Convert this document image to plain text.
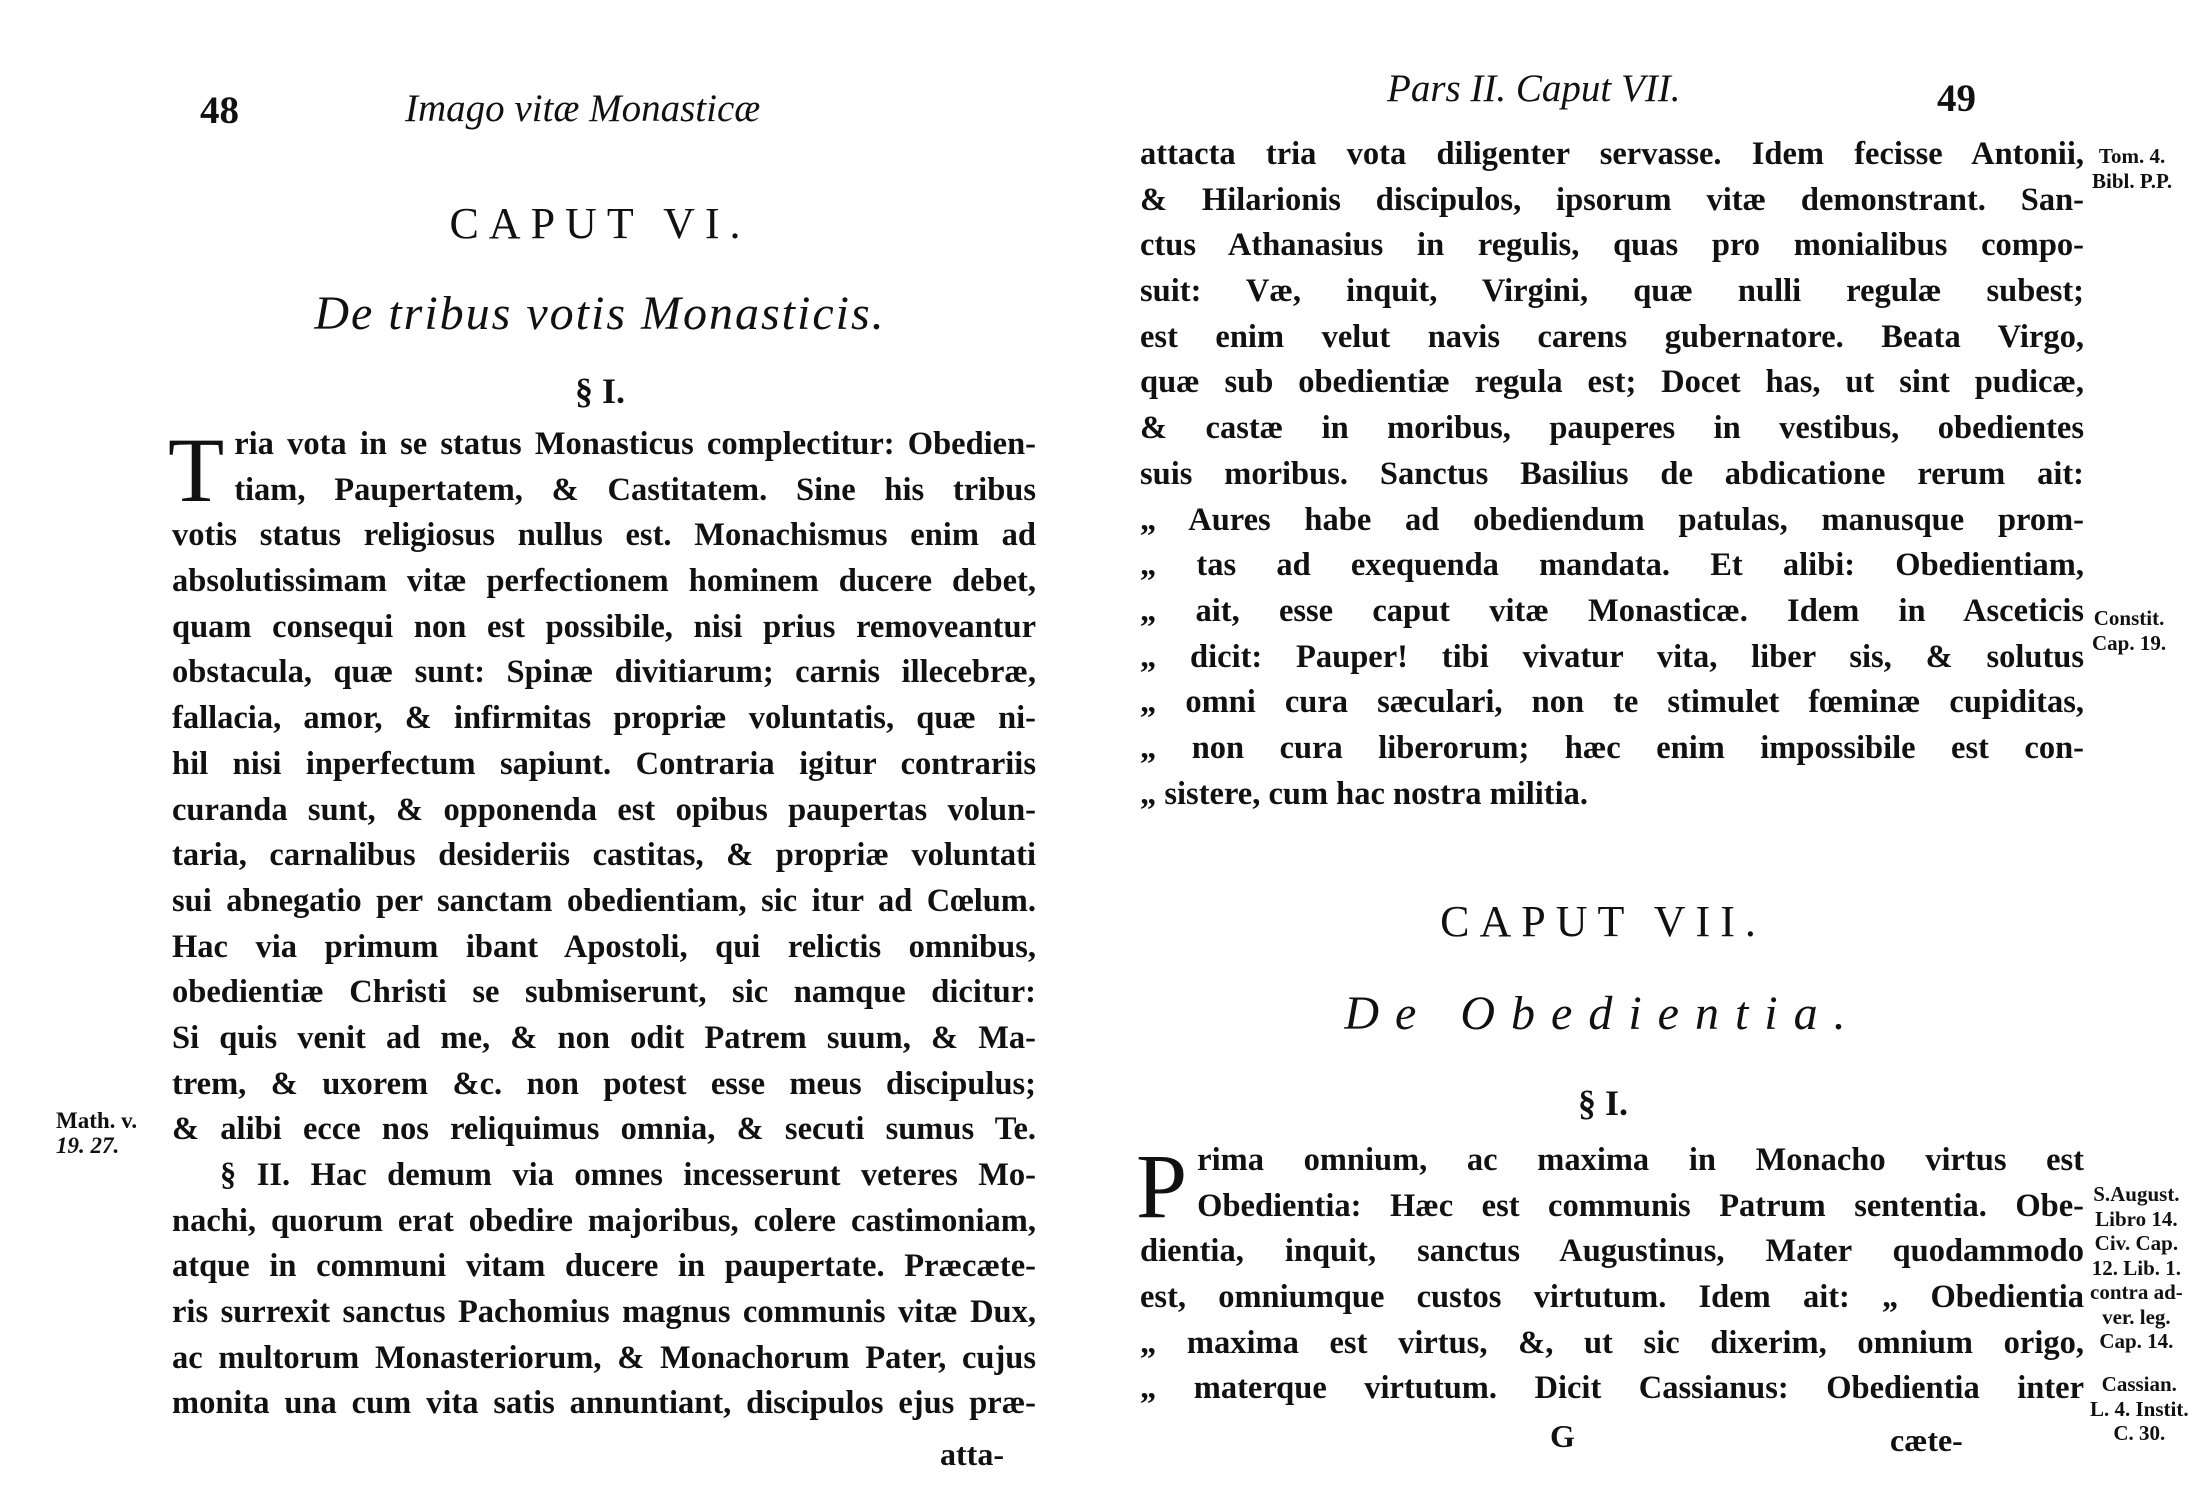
48	Imago vitæ Monasticæ
CAPUT VI.
De tribus votis Monasticis.
§ I.
T ria vota in se status Monasticus complectitur: Obedien-
tiam, Paupertatem, & Castitatem. Sine his tribus
votis status religiosus nullus est. Monachismus enim ad
absolutissimam vitæ perfectionem hominem ducere debet,
quam consequi non est possibile, nisi prius removeantur
obstacula, quæ sunt: Spinæ divitiarum; carnis illecebræ,
fallacia, amor, & infirmitas propriæ voluntatis, quæ ni-
hil nisi inperfectum sapiunt. Contraria igitur contrariis
curanda sunt, & opponenda est opibus paupertas volun-
taria, carnalibus desideriis castitas, & propriæ voluntati
sui abnegatio per sanctam obedientiam, sic itur ad Cœlum.
Hac via primum ibant Apostoli, qui relictis omnibus,
obedientiæ Christi se submiserunt, sic namque dicitur:
Si quis venit ad me, & non odit Patrem suum, & Ma-
trem, & uxorem &c. non potest esse meus discipulus;
& alibi ecce nos reliquimus omnia, & secuti sumus Te.
§ II. Hac demum via omnes incesserunt veteres Mo-
nachi, quorum erat obedire majoribus, colere castimoniam,
atque in communi vitam ducere in paupertate. Præcæte-
ris surrexit sanctus Pachomius magnus communis vitæ Dux,
ac multorum Monasteriorum, & Monachorum Pater, cujus
monita una cum vita satis annuntiant, discipulos ejus præ-
atta-
Math. v.
19. 27.
Pars II. Caput VII.	49
attacta tria vota diligenter servasse. Idem fecisse Antonii,
& Hilarionis discipulos, ipsorum vitæ demonstrant. San-
ctus Athanasius in regulis, quas pro monialibus compo-
suit: Væ, inquit, Virgini, quæ nulli regulæ subest;
est enim velut navis carens gubernatore. Beata Virgo,
quæ sub obedientiæ regula est; Docet has, ut sint pudicæ,
& castæ in moribus, pauperes in vestibus, obedientes
suis moribus. Sanctus Basilius de abdicatione rerum ait:
„ Aures habe ad obediendum patulas, manusque prom-
„ tas ad exequenda mandata. Et alibi: Obedientiam,
„ ait, esse caput vitæ Monasticæ. Idem in Asceticis
„ dicit: Pauper! tibi vivatur vita, liber sis, & solutus
„ omni cura sæculari, non te stimulet fœminæ cupiditas,
„ non cura liberorum; hæc enim impossibile est con-
„ sistere, cum hac nostra militia.
CAPUT VII.
De Obedientia.
§ I.
P rima omnium, ac maxima in Monacho virtus est
Obedientia: Hæc est communis Patrum sententia. Obe-
dientia, inquit, sanctus Augustinus, Mater quodammodo
est, omniumque custos virtutum. Idem ait: „ Obedientia
„ maxima est virtus, &, ut sic dixerim, omnium origo,
„ materque virtutum. Dicit Cassianus: Obedientia inter
G	cæte-
Tom. 4.
Bibl. P.P.
Constit.
Cap. 19.
S.August.
Libro 14.
Civ. Cap.
12. Lib. 1.
contra ad-
ver. leg.
Cap. 14.
Cassian.
L. 4. Instit.
C. 30.
